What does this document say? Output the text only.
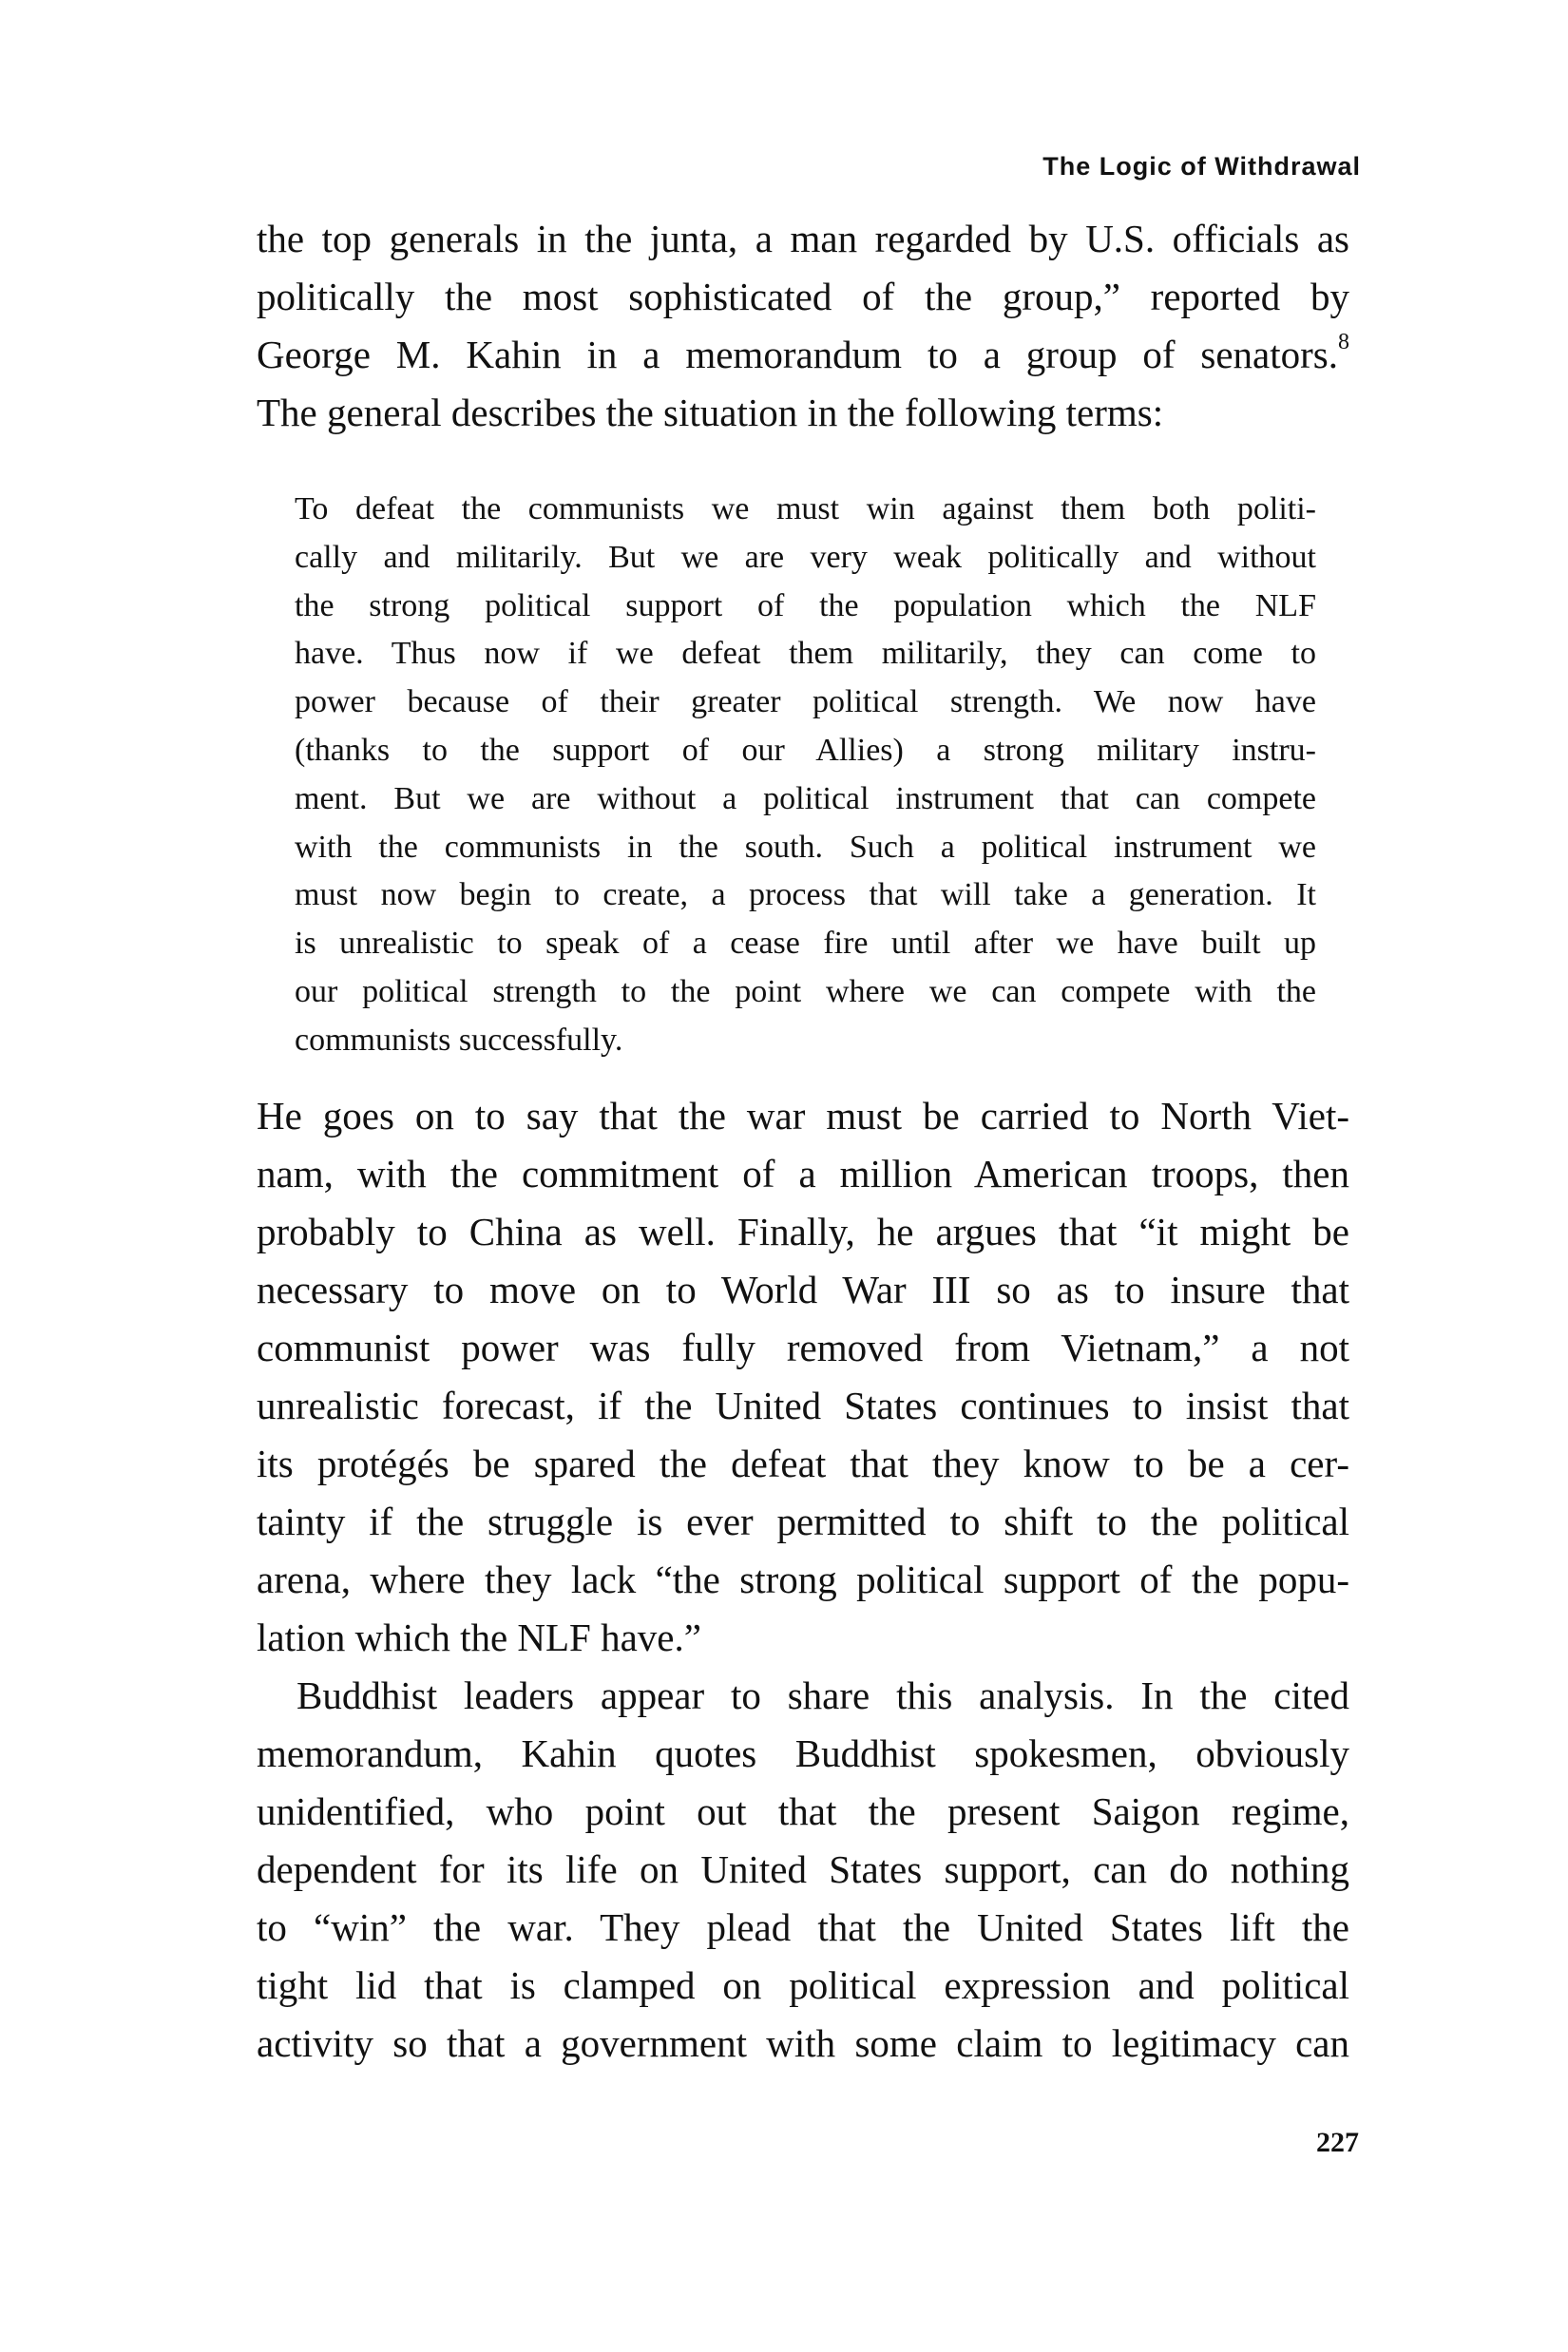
The Logic of Withdrawal
the top generals in the junta, a man regarded by U.S. officials as
politically the most sophisticated of the group,” reported by
George M. Kahin in a memorandum to a group of senators.$^8$
The general describes the situation in the following terms:
To defeat the communists we must win against them both politi-
cally and militarily. But we are very weak politically and without
the strong political support of the population which the NLF
have. Thus now if we defeat them militarily, they can come to
power because of their greater political strength. We now have
(thanks to the support of our Allies) a strong military instru-
ment. But we are without a political instrument that can compete
with the communists in the south. Such a political instrument we
must now begin to create, a process that will take a generation. It
is unrealistic to speak of a cease fire until after we have built up
our political strength to the point where we can compete with the
communists successfully.
He goes on to say that the war must be carried to North Viet-
nam, with the commitment of a million American troops, then
probably to China as well. Finally, he argues that “it might be
necessary to move on to World War III so as to insure that
communist power was fully removed from Vietnam,” a not
unrealistic forecast, if the United States continues to insist that
its protégés be spared the defeat that they know to be a cer-
tainty if the struggle is ever permitted to shift to the political
arena, where they lack “the strong political support of the popu-
lation which the NLF have.”
Buddhist leaders appear to share this analysis. In the cited
memorandum, Kahin quotes Buddhist spokesmen, obviously
unidentified, who point out that the present Saigon regime,
dependent for its life on United States support, can do nothing
to “win” the war. They plead that the United States lift the
tight lid that is clamped on political expression and political
activity so that a government with some claim to legitimacy can
227
